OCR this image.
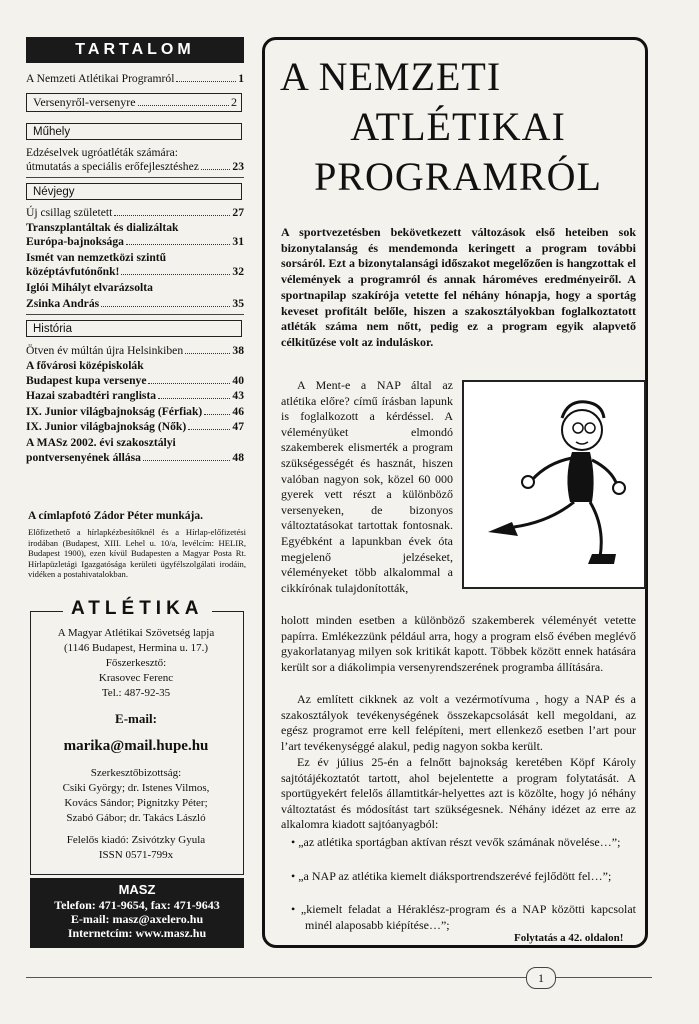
TARTALOM
A Nemzeti Atlétikai Programról	1
Versenyről-versenyre	2
Műhely
Edzéselvek ugróatléták számára:
útmutatás a speciális erőfejlesztéshez	23
Névjegy
Új csillag született	27
Transzplantáltak és dializáltak
Európa-bajnoksága	31
Ismét van nemzetközi szintű
középtávfutónőnk!	32
Iglói Mihályt elvarázsolta
Zsinka András	35
História
Ötven év múltán újra Helsinkiben	38
A fővárosi középiskolák
Budapest kupa versenye	40
Hazai szabadtéri ranglista	43
IX. Junior világbajnokság (Férfiak)	46
IX. Junior világbajnokság (Nők)	47
A MASz 2002. évi szakosztályi
pontversenyének állása	48
A címlapfotó Zádor Péter munkája.
Előfizethető a hírlapkézbesítőknél és a Hírlap-előfizetési irodában (Budapest, XIII. Lehel u. 10/a, levélcím: HELIR, Budapest 1900), ezen kívül Budapesten a Magyar Posta Rt. Hírlapüzletági Igazgatósága kerületi ügyfélszolgálati irodáin, vidéken a postahivatalokban.
ATLÉTIKA
A Magyar Atlétikai Szövetség lapja
(1146 Budapest, Hermina u. 17.)
Főszerkesztő:
Krasovec Ferenc
Tel.: 487-92-35
E-mail:
marika@mail.hupe.hu
Szerkesztőbizottság:
Csiki György; dr. Istenes Vilmos,
Kovács Sándor; Pignitzky Péter;
Szabó Gábor; dr. Takács László
Felelős kiadó: Zsivótzky Gyula
ISSN 0571-799x
MASZ
Telefon: 471-9654, fax: 471-9643
E-mail: masz@axelero.hu
Internetcím: www.masz.hu
A NEMZETI
ATLÉTIKAI
PROGRAMRÓL
A sportvezetésben bekövetkezett változások első heteiben sok bizonytalanság és mendemonda keringett a program további sorsáról. Ezt a bizonytalansági időszakot megelőzően is hangzottak el vélemények a programról és annak hároméves eredményeiről. A sportnapilap szakírója vetette fel néhány hónapja, hogy a sportág keveset profitált belőle, hiszen a szakosztályokban foglalkoztatott atléták száma nem nőtt, pedig ez a program egyik alapvető célkitűzése volt az induláskor.
A Ment-e a NAP által az atlétika előre? című írásban lapunk is foglalkozott a kérdéssel. A véleményüket elmondó szakemberek elismerték a program szükségességét és hasznát, hiszen valóban nagyon sok, közel 60 000 gyerek vett részt a különböző versenyeken, de bizonyos változtatásokat tartottak fontosnak. Egyébként a lapunkban évek óta megjelenő jelzéseket, véleményeket több alkalommal a cikkírónak tulajdonították,
holott minden esetben a különböző szakemberek véleményét vetette papírra. Emlékezzünk például arra, hogy a program első évében meglévő gyakorlatanyag milyen sok kritikát kapott. Többek között ennek hatására került sor a diákolimpia versenyrendszerének programba állítására.
Az említett cikknek az volt a vezérmotívuma , hogy a NAP és a szakosztályok tevékenységének összekapcsolását kell megoldani, az egész programot erre kell felépíteni, mert ellenkező esetben l’art pour l’art tevékenységgé alakul, pedig nagyon sokba került.
Ez év július 25-én a felnőtt bajnokság keretében Köpf Károly sajtótájékoztatót tartott, ahol bejelentette a program folytatását. A sportügyekért felelős államtitkár-helyettes azt is közölte, hogy jó néhány változtatást és módosítást tart szükségesnek. Néhány idézet az erre az alkalomra kiadott sajtóanyagból:
• „az atlétika sportágban aktívan részt vevők számának növelése…”;
• „a NAP az atlétika kiemelt diáksportrendszerévé fejlődött fel…”;
• „kiemelt feladat a Héraklész-program és a NAP közötti kapcsolat minél alaposabb kiépítése…”;
Folytatás a 42. oldalon!
1
